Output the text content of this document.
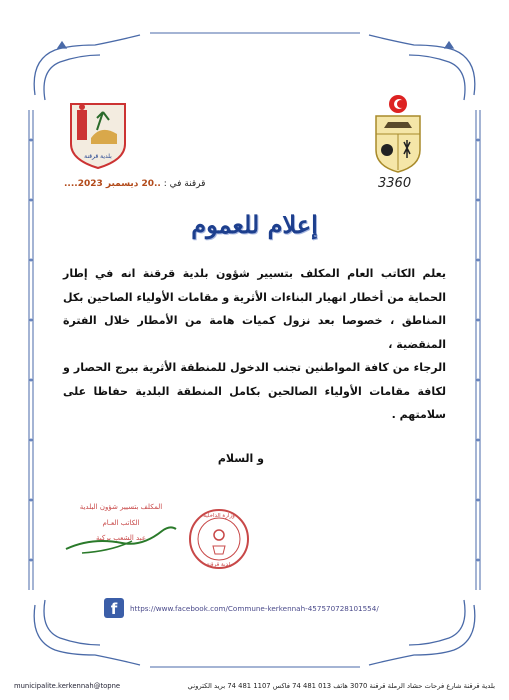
بلدية قرقنة
قرقنة في : ..20 ديسمبر 2023....	3360
إعلام للعموم

يعلم الكاتب العام المكلف بتسيير شؤون بلدية قرقنة انه في إطار الحماية من أخطار انهيار البناءات الأثرية و مقامات الأولياء الصاحين بكل المناطق ، خصوصا بعد نزول كميات هامة من الأمطار خلال الفترة المنقضية ،

الرجاء من كافة المواطنين تجنب الدخول للمنطقة الأثرية ببرج الحصار و لكافة مقامات الأولياء الصالحين بكامل المنطقة البلدية حفاظا على سلامتهم .

و السلام
المكلف بتسيير شؤون البلدية
الكاتب العـام
عبد الشعب بركية
وزارة الداخلية
بلدية قرقنة
f	https://www.facebook.com/Commune-kerkennah-457570728101554/
municipalite.kerkennah@topne	بلدية قرقنة شارع فرحات حشاد الرملة قرقنة 3070 هاتف 013 481 74 فاكس 1107 481 74 بريد الكتروني
